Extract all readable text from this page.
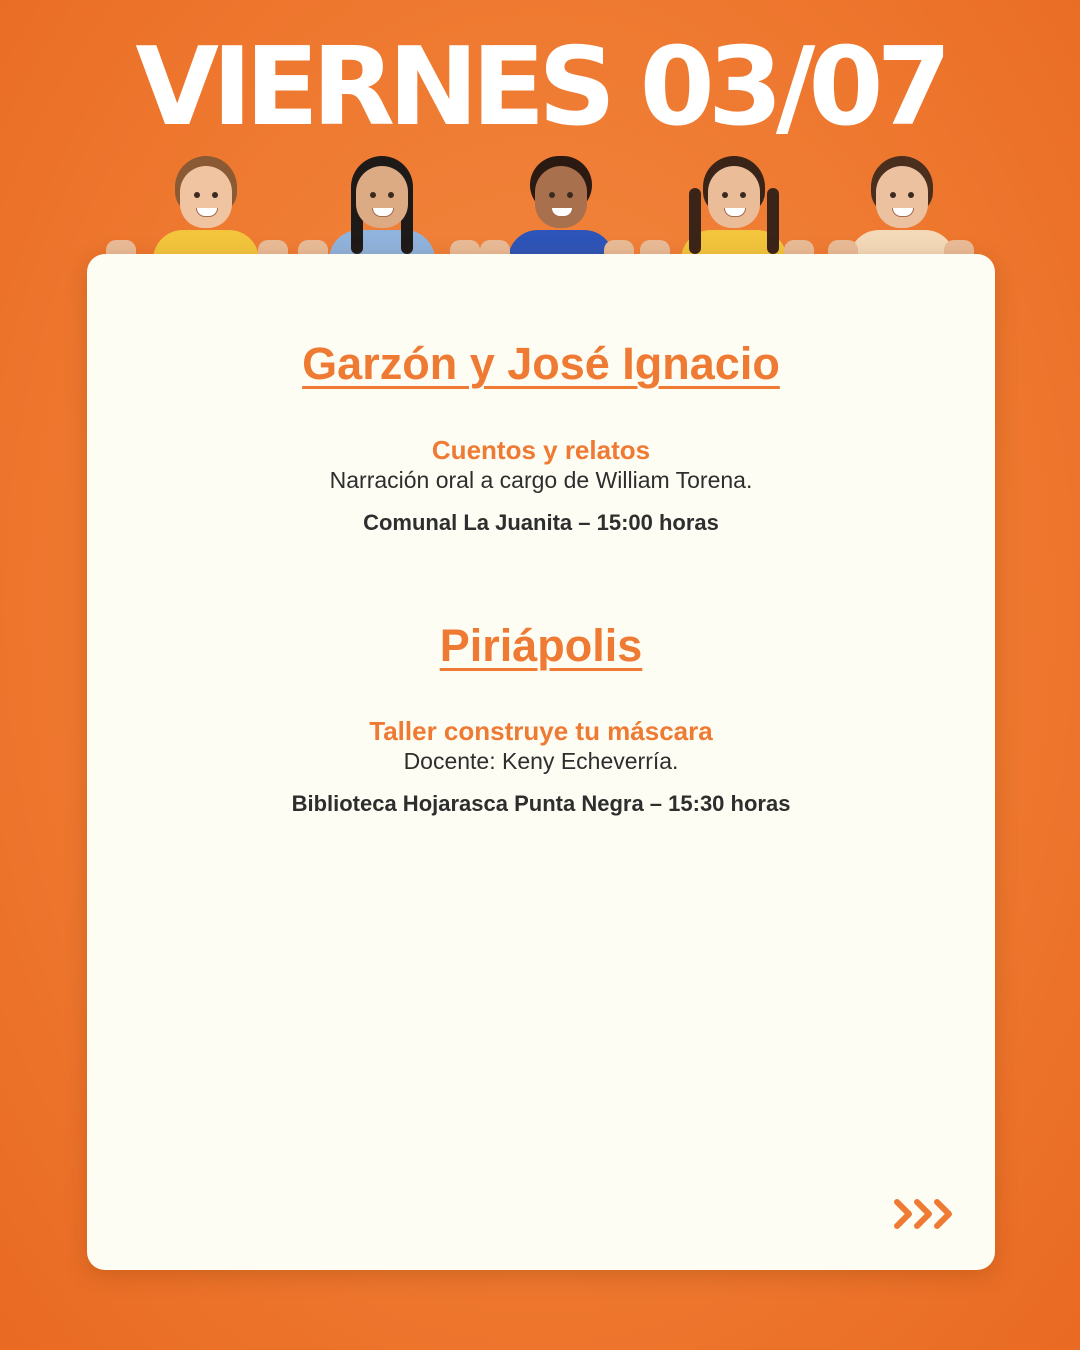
VIERNES 03/07
Garzón y José Ignacio
Cuentos y relatos
Narración oral a cargo de William Torena.
Comunal La Juanita – 15:00 horas
Piriápolis
Taller construye tu máscara
Docente: Keny Echeverría.
Biblioteca Hojarasca Punta Negra – 15:30 horas
